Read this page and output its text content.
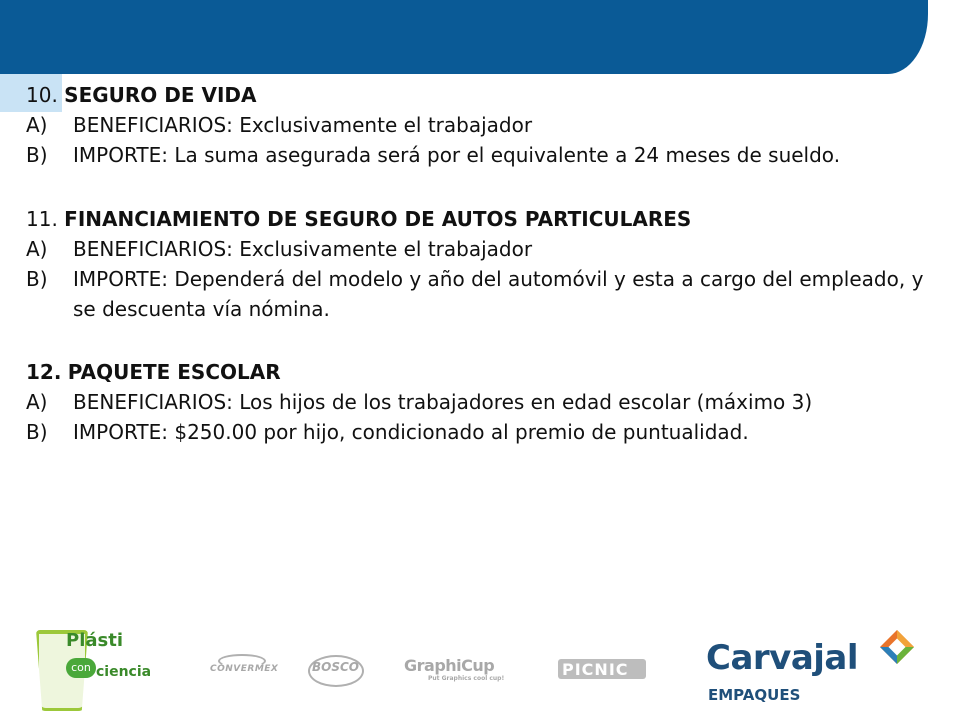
10. SEGURO DE VIDA

A) BENEFICIARIOS: Exclusivamente el trabajador

B) IMPORTE: La suma asegurada será por el equivalente a 24 meses de sueldo.

11. FINANCIAMIENTO DE SEGURO DE AUTOS PARTICULARES

A) BENEFICIARIOS: Exclusivamente el trabajador

B) IMPORTE: Dependerá del modelo y año del automóvil y esta a cargo del empleado, y se descuenta vía nómina.

12. PAQUETE ESCOLAR

A) BENEFICIARIOS: Los hijos de los trabajadores en edad escolar (máximo 3)

B) IMPORTE: $250.00 por hijo, condicionado al premio de puntualidad.

Plásti
con ciencia	CONVERMEX	BOSCO	GraphiCup
Put Graphics cool cup!	PICNIC Carvajal
EMPAQUES
